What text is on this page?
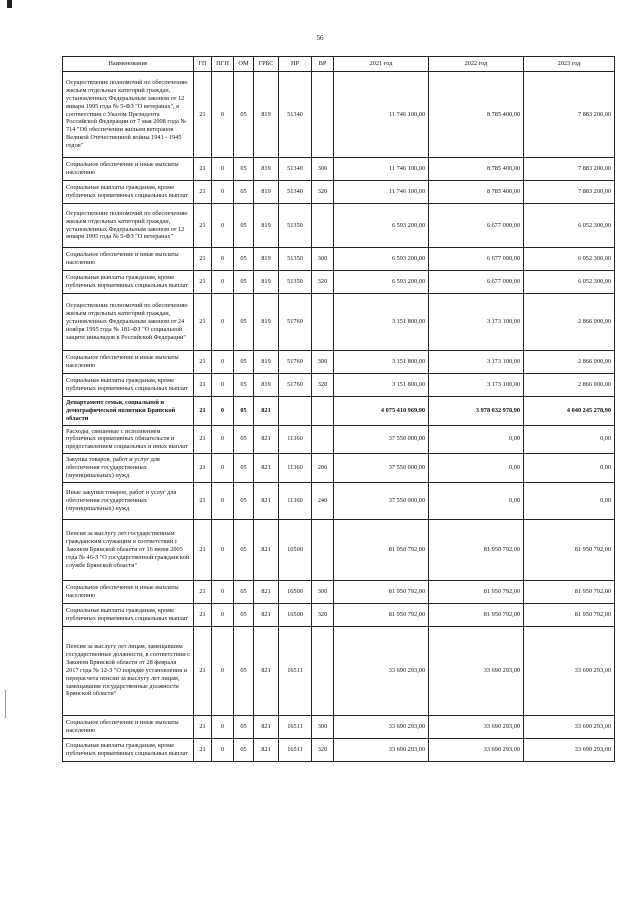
56
Наименование	ГП	ПГП	ОМ	ГРБС	НР	ВР	2021 год	2022 год	2023 год
Осуществление полномочий по обеспечению жильем отдельных категорий граждан, установленных Федеральным законом от 12 января 1995 года № 5-ФЗ "О ветеранах", в соответствии с Указом Президента Российской Федерации от 7 мая 2008 года № 714 "Об обеспечении жильем ветеранов Великой Отечественной войны 1941 - 1945 годов"	21	0	05	819	51340		11 746 100,00	8 785 400,00	7 883 200,00
Социальное обеспечение и иные выплаты населению	21	0	05	819	51340	300	11 746 100,00	8 785 400,00	7 883 200,00
Социальные выплаты гражданам, кроме публичных нормативных социальных выплат	21	0	05	819	51340	320	11 746 100,00	8 785 400,00	7 883 200,00
Осуществление полномочий по обеспечению жильем отдельных категорий граждан, установленных Федеральным законом от 12 января 1995 года № 5-ФЗ "О ветеранах"	21	0	05	819	51350		6 593 200,00	6 677 000,00	6 052 300,00
Социальное обеспечение и иные выплаты населению	21	0	05	819	51350	300	6 593 200,00	6 677 000,00	6 052 300,00
Социальные выплаты гражданам, кроме публичных нормативных социальных выплат	21	0	05	819	51350	320	6 593 200,00	6 677 000,00	6 052 300,00
Осуществление полномочий по обеспечению жильем отдельных категорий граждан, установленных Федеральным законом от 24 ноября 1995 года № 181-ФЗ "О социальной защите инвалидов в Российской Федерации"	21	0	05	819	51760		3 151 800,00	3 173 100,00	2 866 000,00
Социальное обеспечение и иные выплаты населению	21	0	05	819	51760	300	3 151 800,00	3 173 100,00	2 866 000,00
Социальные выплаты гражданам, кроме публичных нормативных социальных выплат	21	0	05	819	51760	320	3 151 800,00	3 173 100,00	2 866 000,00
Департамент семьи, социальной и демографической политики Брянской области	21	0	05	821			4 075 410 969,90	3 978 032 978,90	4 040 245 278,90
Расходы, связанные с исполнением публичных нормативных обязательств и предоставлением социальных и иных выплат	21	0	05	821	11360		37 550 000,00	0,00	0,00
Закупка товаров, работ и услуг для обеспечения государственных (муниципальных) нужд	21	0	05	821	11360	200	37 550 000,00	0,00	0,00
Иные закупки товаров, работ и услуг для обеспечения государственных (муниципальных) нужд	21	0	05	821	11360	240	37 550 000,00	0,00	0,00
Пенсия за выслугу лет государственным гражданским служащим в соответствии с Законом Брянской области от 16 июня 2005 года № 46-З "О государственной гражданской службе Брянской области"	21	0	05	821	16500		81 950 792,00	81 950 792,00	81 950 792,00
Социальное обеспечение и иные выплаты населению	21	0	05	821	16500	300	81 950 792,00	81 950 792,00	81 950 792,00
Социальные выплаты гражданам, кроме публичных нормативных социальных выплат	21	0	05	821	16500	320	81 950 792,00	81 950 792,00	81 950 792,00
Пенсия за выслугу лет лицам, замещавшим государственные должности, в соответствии с Законом Брянской области от 28 февраля 2017 года № 12-З "О порядке установления и перерасчета пенсии за выслугу лет лицам, замещавшим государственные должности Брянской области"	21	0	05	821	16511		33 690 293,00	33 690 293,00	33 690 293,00
Социальное обеспечение и иные выплаты населению	21	0	05	821	16511	300	33 690 293,00	33 690 293,00	33 690 293,00
Социальные выплаты гражданам, кроме публичных нормативных социальных выплат	21	0	05	821	16511	320	33 690 293,00	33 690 293,00	33 690 293,00
